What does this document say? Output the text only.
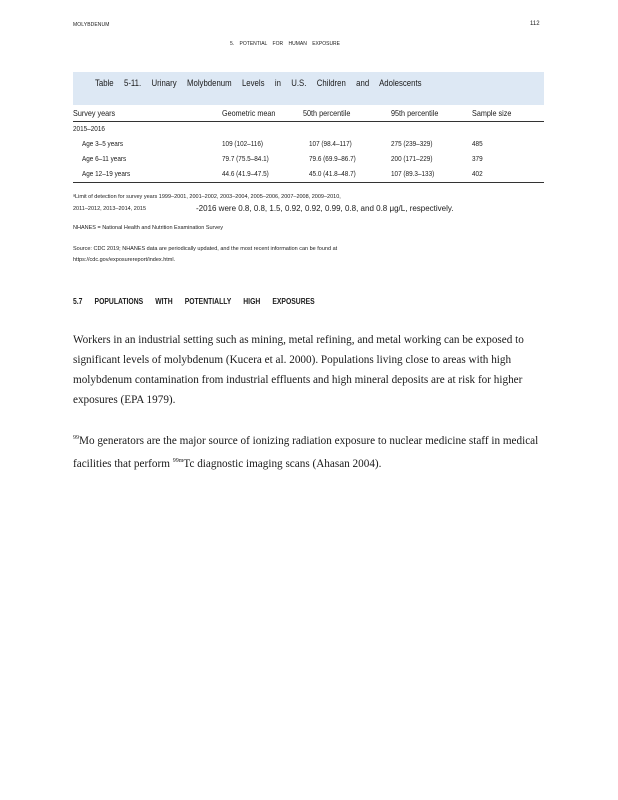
MOLYBDENUM	112
5. POTENTIAL FOR HUMAN EXPOSURE
Table 5-11. Urinary Molybdenum Levels in U.S. Children and Adolescents
Survey years	Geometric mean	50th percentile	95th percentile	Sample size
2015–2016
Age 3–5 years	109 (102–116)	107 (98.4–117)	275 (239–329)	485
Age 6–11 years	79.7 (75.5–84.1)	79.6 (69.9–86.7)	200 (171–229)	379
Age 12–19 years	44.6 (41.9–47.5)	45.0 (41.8–48.7)	107 (89.3–133)	402
ᵃLimit of detection for survey years 1999–2001, 2001–2002, 2003–2004, 2005–2006, 2007–2008, 2009–2010,
2011–2012, 2013–2014, 2015	-2016 were 0.8, 0.8, 1.5, 0.92, 0.92, 0.99, 0.8, and 0.8 μg/L, respectively.
NHANES = National Health and Nutrition Examination Survey
Source: CDC 2019; NHANES data are periodically updated, and the most recent information can be found at
https://cdc.gov/exposurereport/index.html.
5.7 POPULATIONS WITH POTENTIALLY HIGH EXPOSURES
Workers in an industrial setting such as mining, metal refining, and metal working can be exposed to significant levels of molybdenum (Kucera et al. 2000). Populations living close to areas with high molybdenum contamination from industrial effluents and high mineral deposits are at risk for higher exposures (EPA 1979).
$^{99}$Mo generators are the major source of ionizing radiation exposure to nuclear medicine staff in medical facilities that perform $^{99m}$Tc diagnostic imaging scans (Ahasan 2004).
